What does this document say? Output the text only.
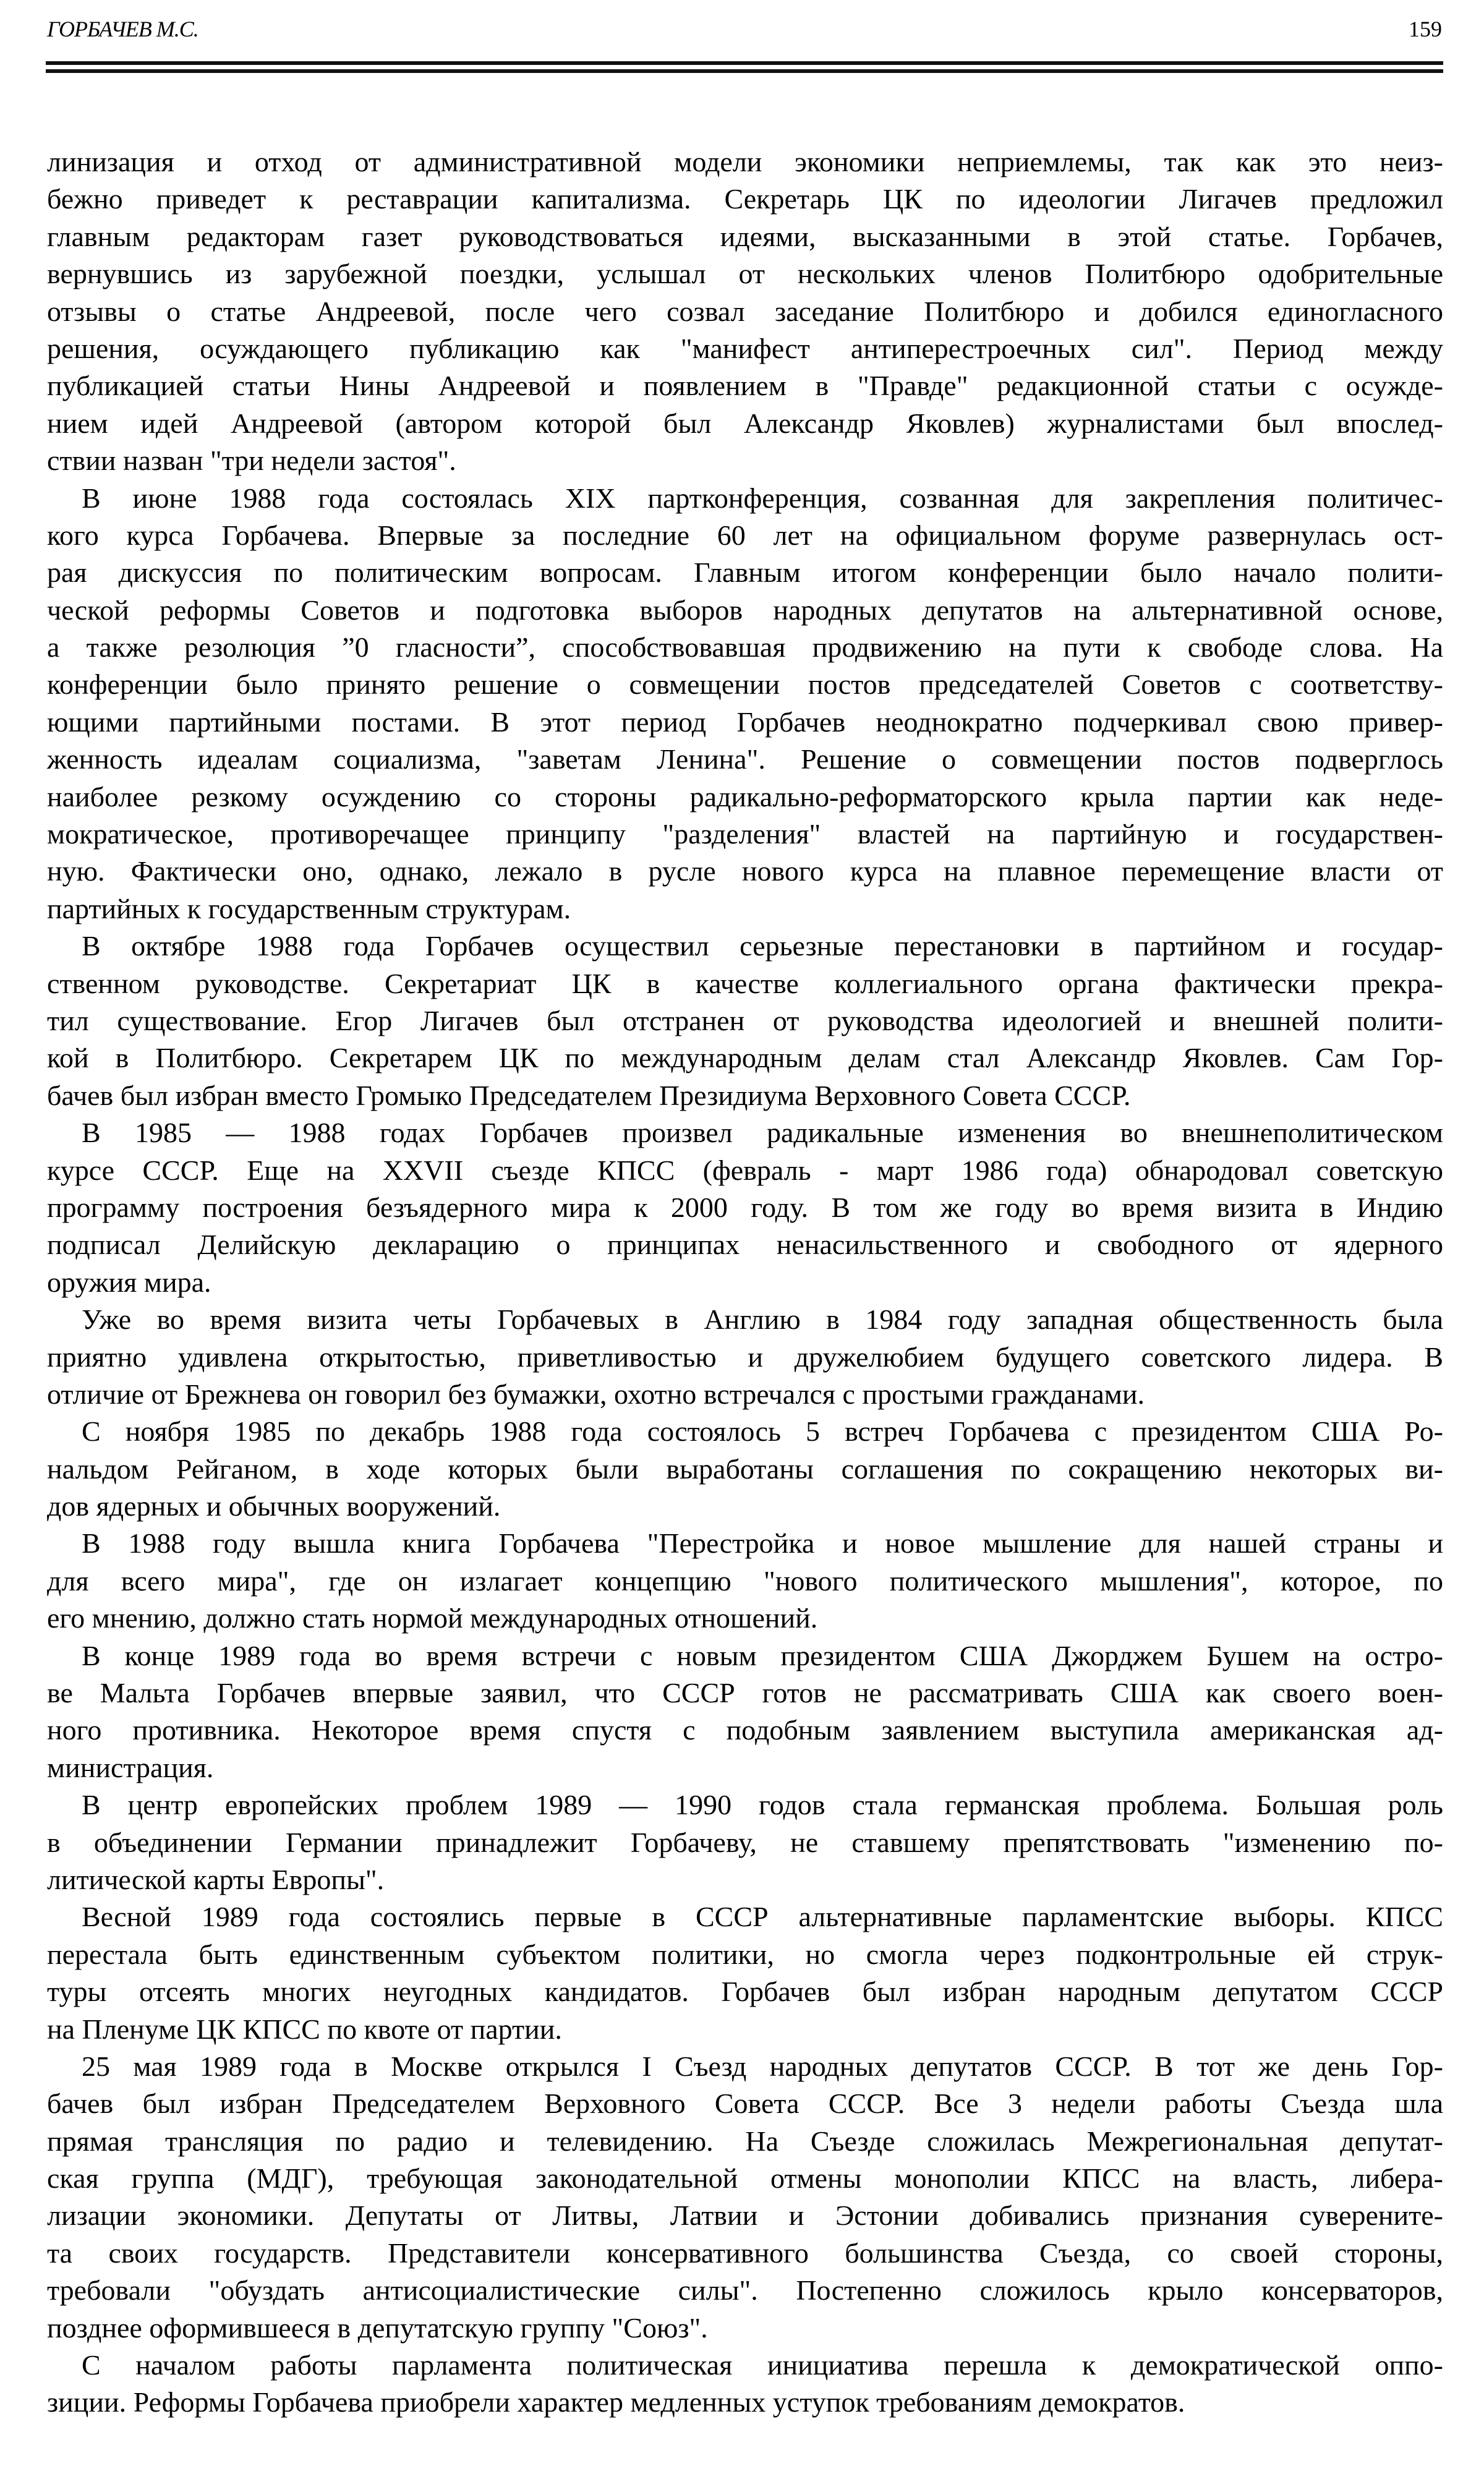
ГОРБАЧЕВ М.С.	159
линизация и отход от административной модели экономики неприемлемы, так как это неиз-
бежно приведет к реставрации капитализма. Секретарь ЦК по идеологии Лигачев предложил
главным редакторам газет руководствоваться идеями, высказанными в этой статье. Горбачев,
вернувшись из зарубежной поездки, услышал от нескольких членов Политбюро одобрительные
отзывы о статье Андреевой, после чего созвал заседание Политбюро и добился единогласного
решения, осуждающего публикацию как "манифест антиперестроечных сил". Период между
публикацией статьи Нины Андреевой и появлением в "Правде" редакционной статьи с осужде-
нием идей Андреевой (автором которой был Александр Яковлев) журналистами был впослед-
ствии назван "три недели застоя".
В июне 1988 года состоялась XIX партконференция, созванная для закрепления политичес-
кого курса Горбачева. Впервые за последние 60 лет на официальном форуме развернулась ост-
рая дискуссия по политическим вопросам. Главным итогом конференции было начало полити-
ческой реформы Советов и подготовка выборов народных депутатов на альтернативной основе,
а также резолюция ”0 гласности”, способствовавшая продвижению на пути к свободе слова. На
конференции было принято решение о совмещении постов председателей Советов с соответству-
ющими партийными постами. В этот период Горбачев неоднократно подчеркивал свою привер-
женность идеалам социализма, "заветам Ленина". Решение о совмещении постов подверглось
наиболее резкому осуждению со стороны радикально-реформаторского крыла партии как неде-
мократическое, противоречащее принципу "разделения" властей на партийную и государствен-
ную. Фактически оно, однако, лежало в русле нового курса на плавное перемещение власти от
партийных к государственным структурам.
В октябре 1988 года Горбачев осуществил серьезные перестановки в партийном и государ-
ственном руководстве. Секретариат ЦК в качестве коллегиального органа фактически прекра-
тил существование. Егор Лигачев был отстранен от руководства идеологией и внешней полити-
кой в Политбюро. Секретарем ЦК по международным делам стал Александр Яковлев. Сам Гор-
бачев был избран вместо Громыко Председателем Президиума Верховного Совета СССР.
В 1985 — 1988 годах Горбачев произвел радикальные изменения во внешнеполитическом
курсе СССР. Еще на XXVII съезде КПСС (февраль - март 1986 года) обнародовал советскую
программу построения безъядерного мира к 2000 году. В том же году во время визита в Индию
подписал Делийскую декларацию о принципах ненасильственного и свободного от ядерного
оружия мира.
Уже во время визита четы Горбачевых в Англию в 1984 году западная общественность была
приятно удивлена открытостью, приветливостью и дружелюбием будущего советского лидера. В
отличие от Брежнева он говорил без бумажки, охотно встречался с простыми гражданами.
С ноября 1985 по декабрь 1988 года состоялось 5 встреч Горбачева с президентом США Ро-
нальдом Рейганом, в ходе которых были выработаны соглашения по сокращению некоторых ви-
дов ядерных и обычных вооружений.
В 1988 году вышла книга Горбачева "Перестройка и новое мышление для нашей страны и
для всего мира", где он излагает концепцию "нового политического мышления", которое, по
его мнению, должно стать нормой международных отношений.
В конце 1989 года во время встречи с новым президентом США Джорджем Бушем на остро-
ве Мальта Горбачев впервые заявил, что СССР готов не рассматривать США как своего воен-
ного противника. Некоторое время спустя с подобным заявлением выступила американская ад-
министрация.
В центр европейских проблем 1989 — 1990 годов стала германская проблема. Большая роль
в объединении Германии принадлежит Горбачеву, не ставшему препятствовать "изменению по-
литической карты Европы".
Весной 1989 года состоялись первые в СССР альтернативные парламентские выборы. КПСС
перестала быть единственным субъектом политики, но смогла через подконтрольные ей струк-
туры отсеять многих неугодных кандидатов. Горбачев был избран народным депутатом СССР
на Пленуме ЦК КПСС по квоте от партии.
25 мая 1989 года в Москве открылся I Съезд народных депутатов СССР. В тот же день Гор-
бачев был избран Председателем Верховного Совета СССР. Все 3 недели работы Съезда шла
прямая трансляция по радио и телевидению. На Съезде сложилась Межрегиональная депутат-
ская группа (МДГ), требующая законодательной отмены монополии КПСС на власть, либера-
лизации экономики. Депутаты от Литвы, Латвии и Эстонии добивались признания суверените-
та своих государств. Представители консервативного большинства Съезда, со своей стороны,
требовали "обуздать антисоциалистические силы". Постепенно сложилось крыло консерваторов,
позднее оформившееся в депутатскую группу "Союз".
С началом работы парламента политическая инициатива перешла к демократической оппо-
зиции. Реформы Горбачева приобрели характер медленных уступок требованиям демократов.
